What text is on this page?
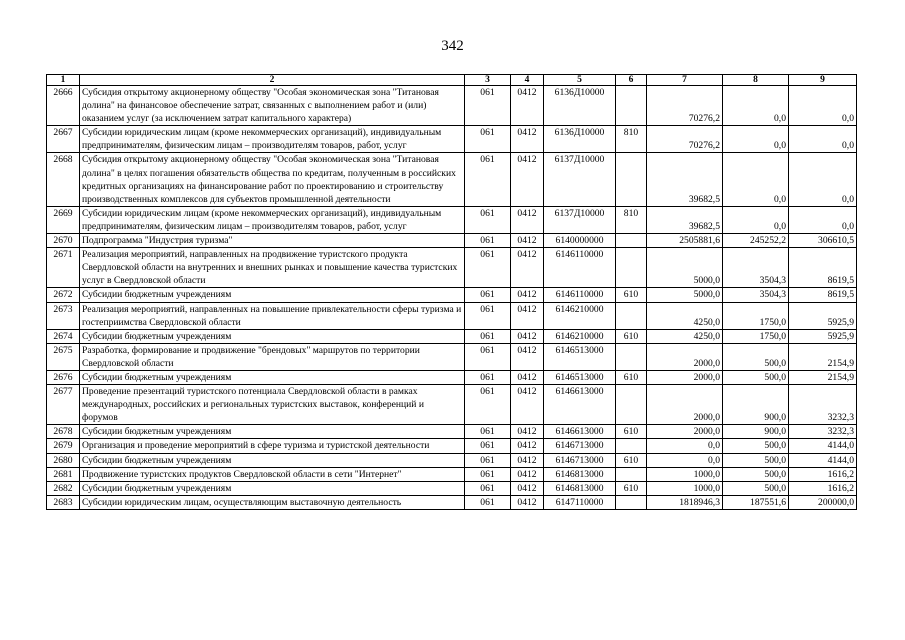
342
1	2	3	4	5	6	7	8	9
2666	Субсидия открытому акционерному обществу "Особая экономическая зона "Титановая долина" на финансовое обеспечение затрат, связанных с выполнением работ и (или) оказанием услуг (за исключением затрат капитального характера)	061	0412	6136Д10000		70276,2	0,0	0,0
2667	Субсидии юридическим лицам (кроме некоммерческих организаций), индивидуальным предпринимателям, физическим лицам – производителям товаров, работ, услуг	061	0412	6136Д10000	810	70276,2	0,0	0,0
2668	Субсидия открытому акционерному обществу "Особая экономическая зона "Титановая долина" в целях погашения обязательств общества по кредитам, полученным в российских кредитных организациях на финансирование работ по проектированию и строительству производственных комплексов для субъектов промышленной деятельности	061	0412	6137Д10000		39682,5	0,0	0,0
2669	Субсидии юридическим лицам (кроме некоммерческих организаций), индивидуальным предпринимателям, физическим лицам – производителям товаров, работ, услуг	061	0412	6137Д10000	810	39682,5	0,0	0,0
2670	Подпрограмма "Индустрия туризма"	061	0412	6140000000		2505881,6	245252,2	306610,5
2671	Реализация мероприятий, направленных на продвижение туристского продукта Свердловской области на внутренних и внешних рынках и повышение качества туристских услуг в Свердловской области	061	0412	6146110000		5000,0	3504,3	8619,5
2672	Субсидии бюджетным учреждениям	061	0412	6146110000	610	5000,0	3504,3	8619,5
2673	Реализация мероприятий, направленных на повышение привлекательности сферы туризма и гостеприимства Свердловской области	061	0412	6146210000		4250,0	1750,0	5925,9
2674	Субсидии бюджетным учреждениям	061	0412	6146210000	610	4250,0	1750,0	5925,9
2675	Разработка, формирование и продвижение "брендовых" маршрутов по территории Свердловской области	061	0412	6146513000		2000,0	500,0	2154,9
2676	Субсидии бюджетным учреждениям	061	0412	6146513000	610	2000,0	500,0	2154,9
2677	Проведение презентаций туристского потенциала Свердловской области в рамках международных, российских и региональных туристских выставок, конференций и форумов	061	0412	6146613000		2000,0	900,0	3232,3
2678	Субсидии бюджетным учреждениям	061	0412	6146613000	610	2000,0	900,0	3232,3
2679	Организация и проведение мероприятий в сфере туризма и туристской деятельности	061	0412	6146713000		0,0	500,0	4144,0
2680	Субсидии бюджетным учреждениям	061	0412	6146713000	610	0,0	500,0	4144,0
2681	Продвижение туристских продуктов Свердловской области в сети "Интернет"	061	0412	6146813000		1000,0	500,0	1616,2
2682	Субсидии бюджетным учреждениям	061	0412	6146813000	610	1000,0	500,0	1616,2
2683	Субсидии юридическим лицам, осуществляющим выставочную деятельность	061	0412	6147110000		1818946,3	187551,6	200000,0
